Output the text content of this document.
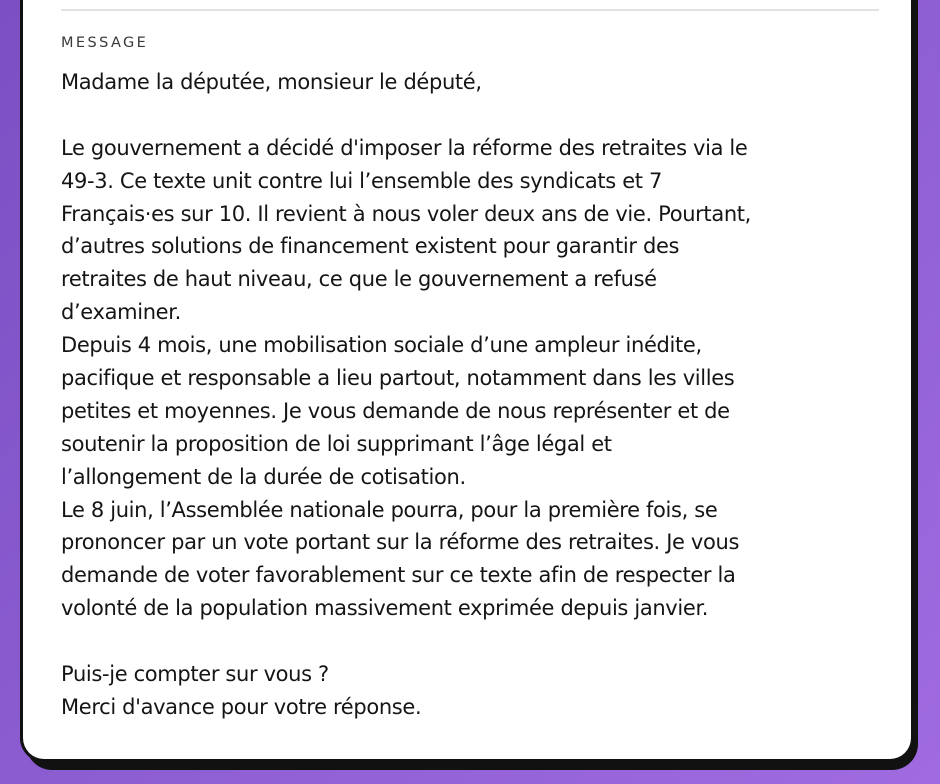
MESSAGE
Madame la députée, monsieur le député,
Le gouvernement a décidé d'imposer la réforme des retraites via le
49-3. Ce texte unit contre lui l’ensemble des syndicats et 7
Français·es sur 10. Il revient à nous voler deux ans de vie. Pourtant,
d’autres solutions de financement existent pour garantir des
retraites de haut niveau, ce que le gouvernement a refusé
d’examiner.
Depuis 4 mois, une mobilisation sociale d’une ampleur inédite,
pacifique et responsable a lieu partout, notamment dans les villes
petites et moyennes. Je vous demande de nous représenter et de
soutenir la proposition de loi supprimant l’âge légal et
l’allongement de la durée de cotisation.
Le 8 juin, l’Assemblée nationale pourra, pour la première fois, se
prononcer par un vote portant sur la réforme des retraites. Je vous
demande de voter favorablement sur ce texte afin de respecter la
volonté de la population massivement exprimée depuis janvier.
Puis-je compter sur vous ?
Merci d'avance pour votre réponse.
